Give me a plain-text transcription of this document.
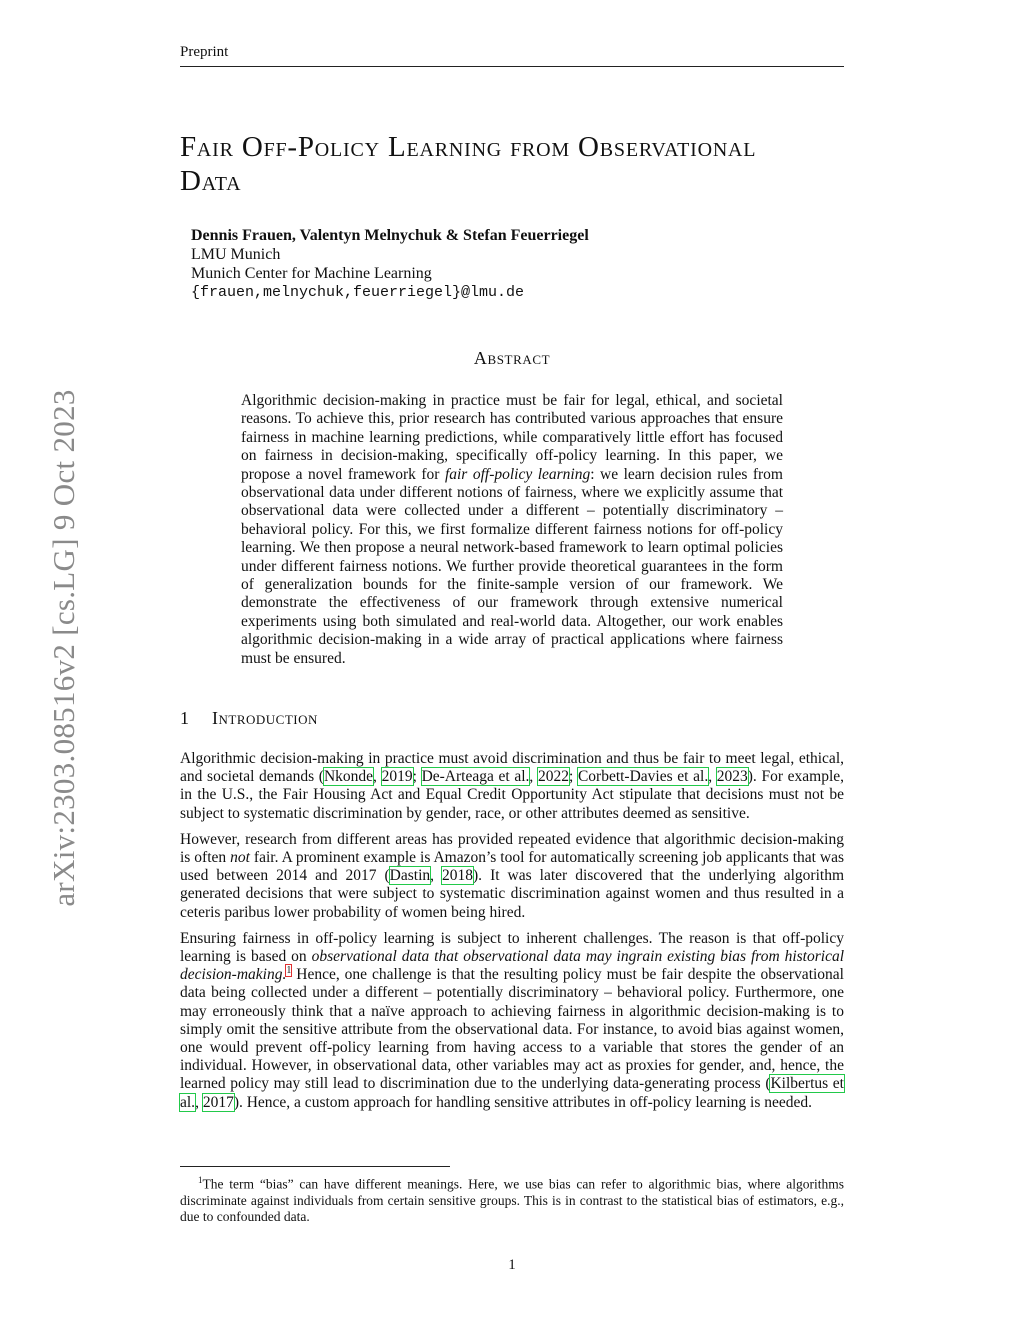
Preprint
arXiv:2303.08516v2 [cs.LG] 9 Oct 2023
Fair Off-Policy Learning from Observational
Data
Dennis Frauen, Valentyn Melnychuk & Stefan Feuerriegel
LMU Munich
Munich Center for Machine Learning
{frauen,melnychuk,feuerriegel}@lmu.de
Abstract
Algorithmic decision-making in practice must be fair for legal, ethical, and societal reasons. To achieve this, prior research has contributed various approaches that ensure fairness in machine learning predictions, while comparatively little effort has focused on fairness in decision-making, specifically off-policy learning. In this paper, we propose a novel framework for fair off-policy learning: we learn decision rules from observational data under different notions of fairness, where we explicitly assume that observational data were collected under a different – potentially discriminatory – behavioral policy. For this, we first formalize different fairness notions for off-policy learning. We then propose a neural network-based framework to learn optimal policies under different fairness notions. We further provide theoretical guarantees in the form of generalization bounds for the finite-sample version of our framework. We demonstrate the effectiveness of our framework through extensive numerical experiments using both simulated and real-world data. Altogether, our work enables algorithmic decision-making in a wide array of practical applications where fairness must be ensured.
1 Introduction

Algorithmic decision-making in practice must avoid discrimination and thus be fair to meet legal, ethical, and societal demands (Nkonde, 2019; De-Arteaga et al., 2022; Corbett-Davies et al., 2023). For example, in the U.S., the Fair Housing Act and Equal Credit Opportunity Act stipulate that decisions must not be subject to systematic discrimination by gender, race, or other attributes deemed as sensitive.

However, research from different areas has provided repeated evidence that algorithmic decision-making is often not fair. A prominent example is Amazon’s tool for automatically screening job applicants that was used between 2014 and 2017 (Dastin, 2018). It was later discovered that the underlying algorithm generated decisions that were subject to systematic discrimination against women and thus resulted in a ceteris paribus lower probability of women being hired.

Ensuring fairness in off-policy learning is subject to inherent challenges. The reason is that off-policy learning is based on observational data that observational data may ingrain existing bias from historical decision-making.$^1$ Hence, one challenge is that the resulting policy must be fair despite the observational data being collected under a different – potentially discriminatory – behavioral policy. Furthermore, one may erroneously think that a naïve approach to achieving fairness in algorithmic decision-making is to simply omit the sensitive attribute from the observational data. For instance, to avoid bias against women, one would prevent off-policy learning from having access to a variable that stores the gender of an individual. However, in observational data, other variables may act as proxies for gender, and, hence, the learned policy may still lead to discrimination due to the underlying data-generating process (Kilbertus et al., 2017). Hence, a custom approach for handling sensitive attributes in off-policy learning is needed.

$^1$The term “bias” can have different meanings. Here, we use bias can refer to algorithmic bias, where algorithms discriminate against individuals from certain sensitive groups. This is in contrast to the statistical bias of estimators, e.g., due to confounded data.
1
